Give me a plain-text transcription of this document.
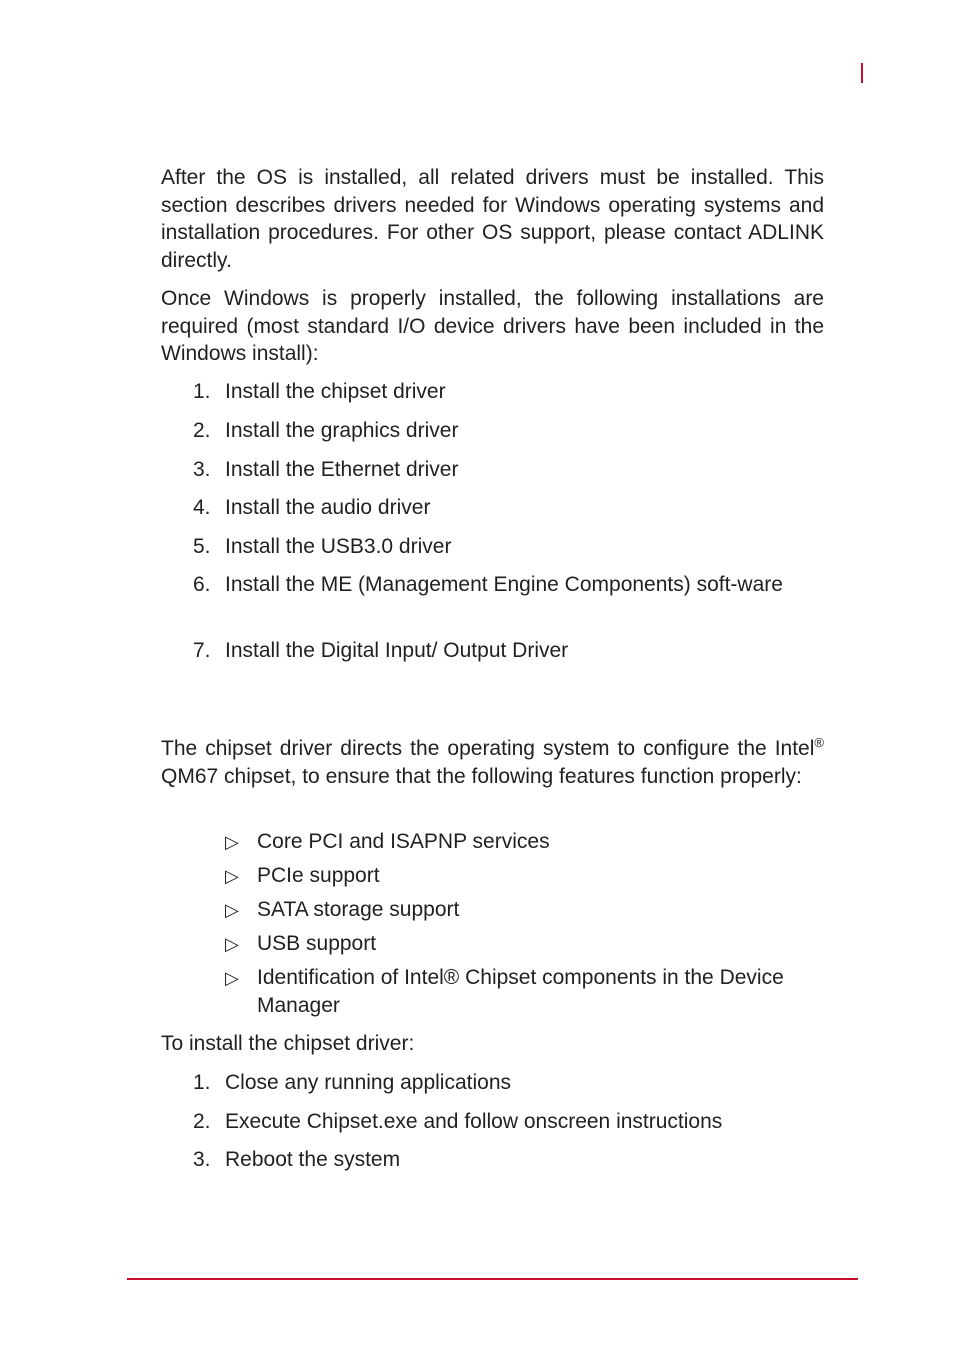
After the OS is installed, all related drivers must be installed. This section describes drivers needed for Windows operating systems and installation procedures. For other OS support, please contact ADLINK directly.

Once Windows is properly installed, the following installations are required (most standard I/O device drivers have been included in the Windows install):

1. Install the chipset driver
2. Install the graphics driver
3. Install the Ethernet driver
4. Install the audio driver
5. Install the USB3.0 driver
6. Install the ME (Management Engine Components) soft-ware
7. Install the Digital Input/ Output Driver

The chipset driver directs the operating system to configure the Intel® QM67 chipset, to ensure that the following features function properly:

▷ Core PCI and ISAPNP services
▷ PCIe support
▷ SATA storage support
▷ USB support
▷ Identification of Intel® Chipset components in the Device Manager

To install the chipset driver:

1. Close any running applications
2. Execute Chipset.exe and follow onscreen instructions
3. Reboot the system
